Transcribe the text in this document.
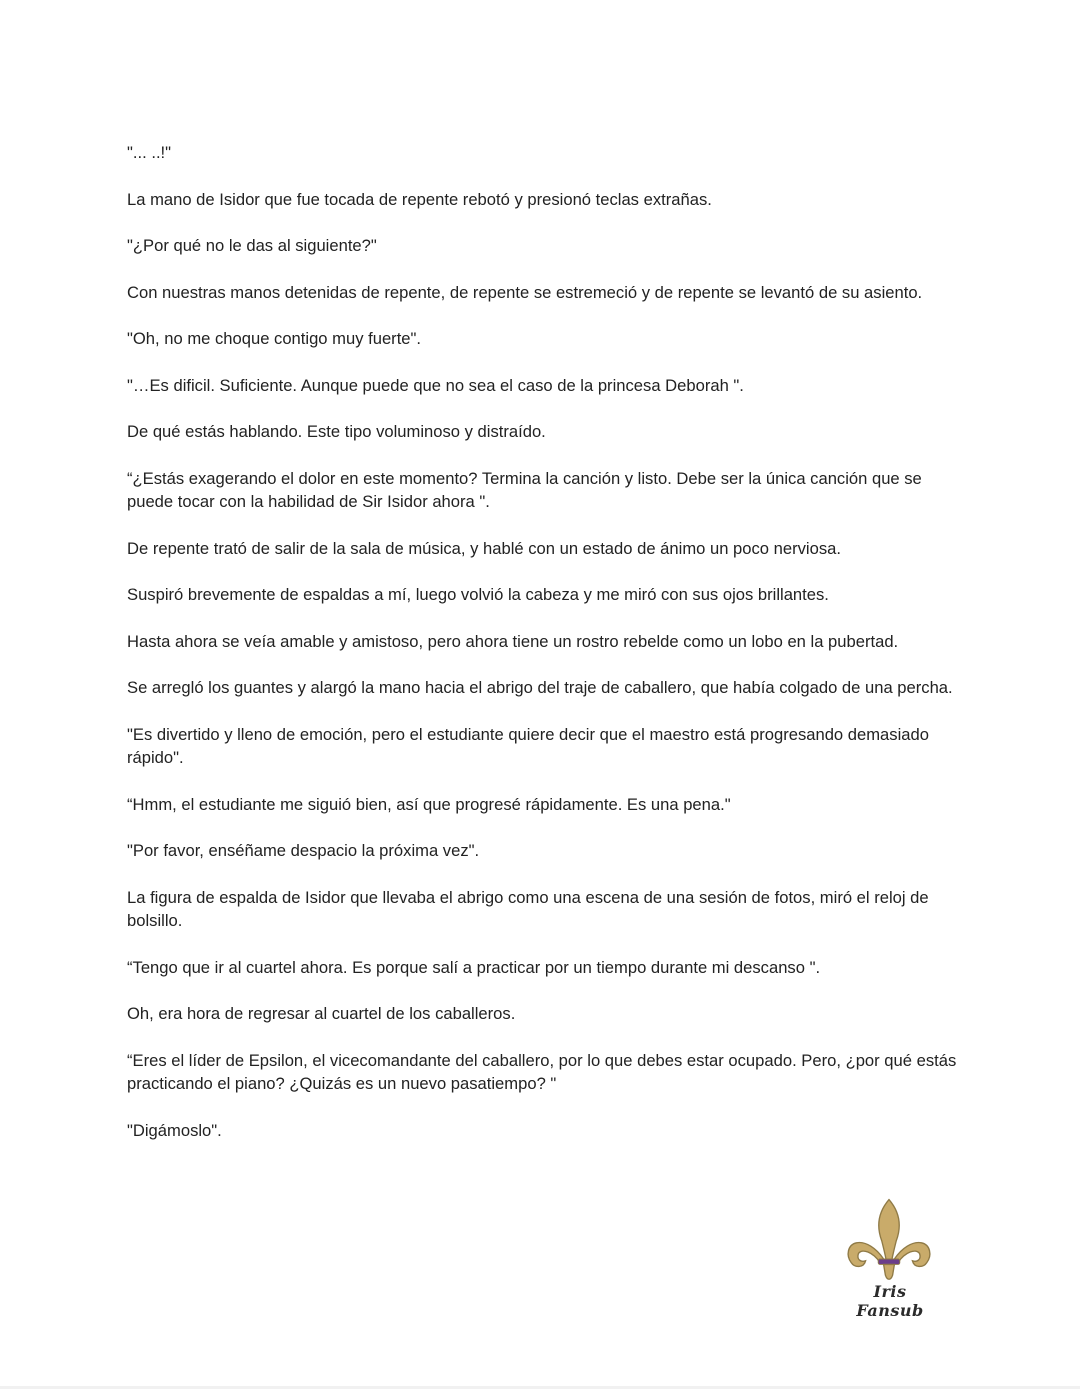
"... ..!"

La mano de Isidor que fue tocada de repente rebotó y presionó teclas extrañas.

"¿Por qué no le das al siguiente?"

Con nuestras manos detenidas de repente, de repente se estremeció y de repente se levantó de su asiento.

"Oh, no me choque contigo muy fuerte".

"…Es dificil. Suficiente. Aunque puede que no sea el caso de la princesa Deborah ".

De qué estás hablando. Este tipo voluminoso y distraído.

“¿Estás exagerando el dolor en este momento? Termina la canción y listo. Debe ser la única canción que se puede tocar con la habilidad de Sir Isidor ahora ".

De repente trató de salir de la sala de música, y hablé con un estado de ánimo un poco nerviosa.

Suspiró brevemente de espaldas a mí, luego volvió la cabeza y me miró con sus ojos brillantes.

Hasta ahora se veía amable y amistoso, pero ahora tiene un rostro rebelde como un lobo en la pubertad.

Se arregló los guantes y alargó la mano hacia el abrigo del traje de caballero, que había colgado de una percha.

"Es divertido y lleno de emoción, pero el estudiante quiere decir que el maestro está progresando demasiado rápido".

“Hmm, el estudiante me siguió bien, así que progresé rápidamente. Es una pena."

"Por favor, enséñame despacio la próxima vez".

La figura de espalda de Isidor que llevaba el abrigo como una escena de una sesión de fotos, miró el reloj de bolsillo.

“Tengo que ir al cuartel ahora. Es porque salí a practicar por un tiempo durante mi descanso ".

Oh, era hora de regresar al cuartel de los caballeros.

“Eres el líder de Epsilon, el vicecomandante del caballero, por lo que debes estar ocupado. Pero, ¿por qué estás practicando el piano? ¿Quizás es un nuevo pasatiempo? "

"Digámoslo".

Iris Fansub
